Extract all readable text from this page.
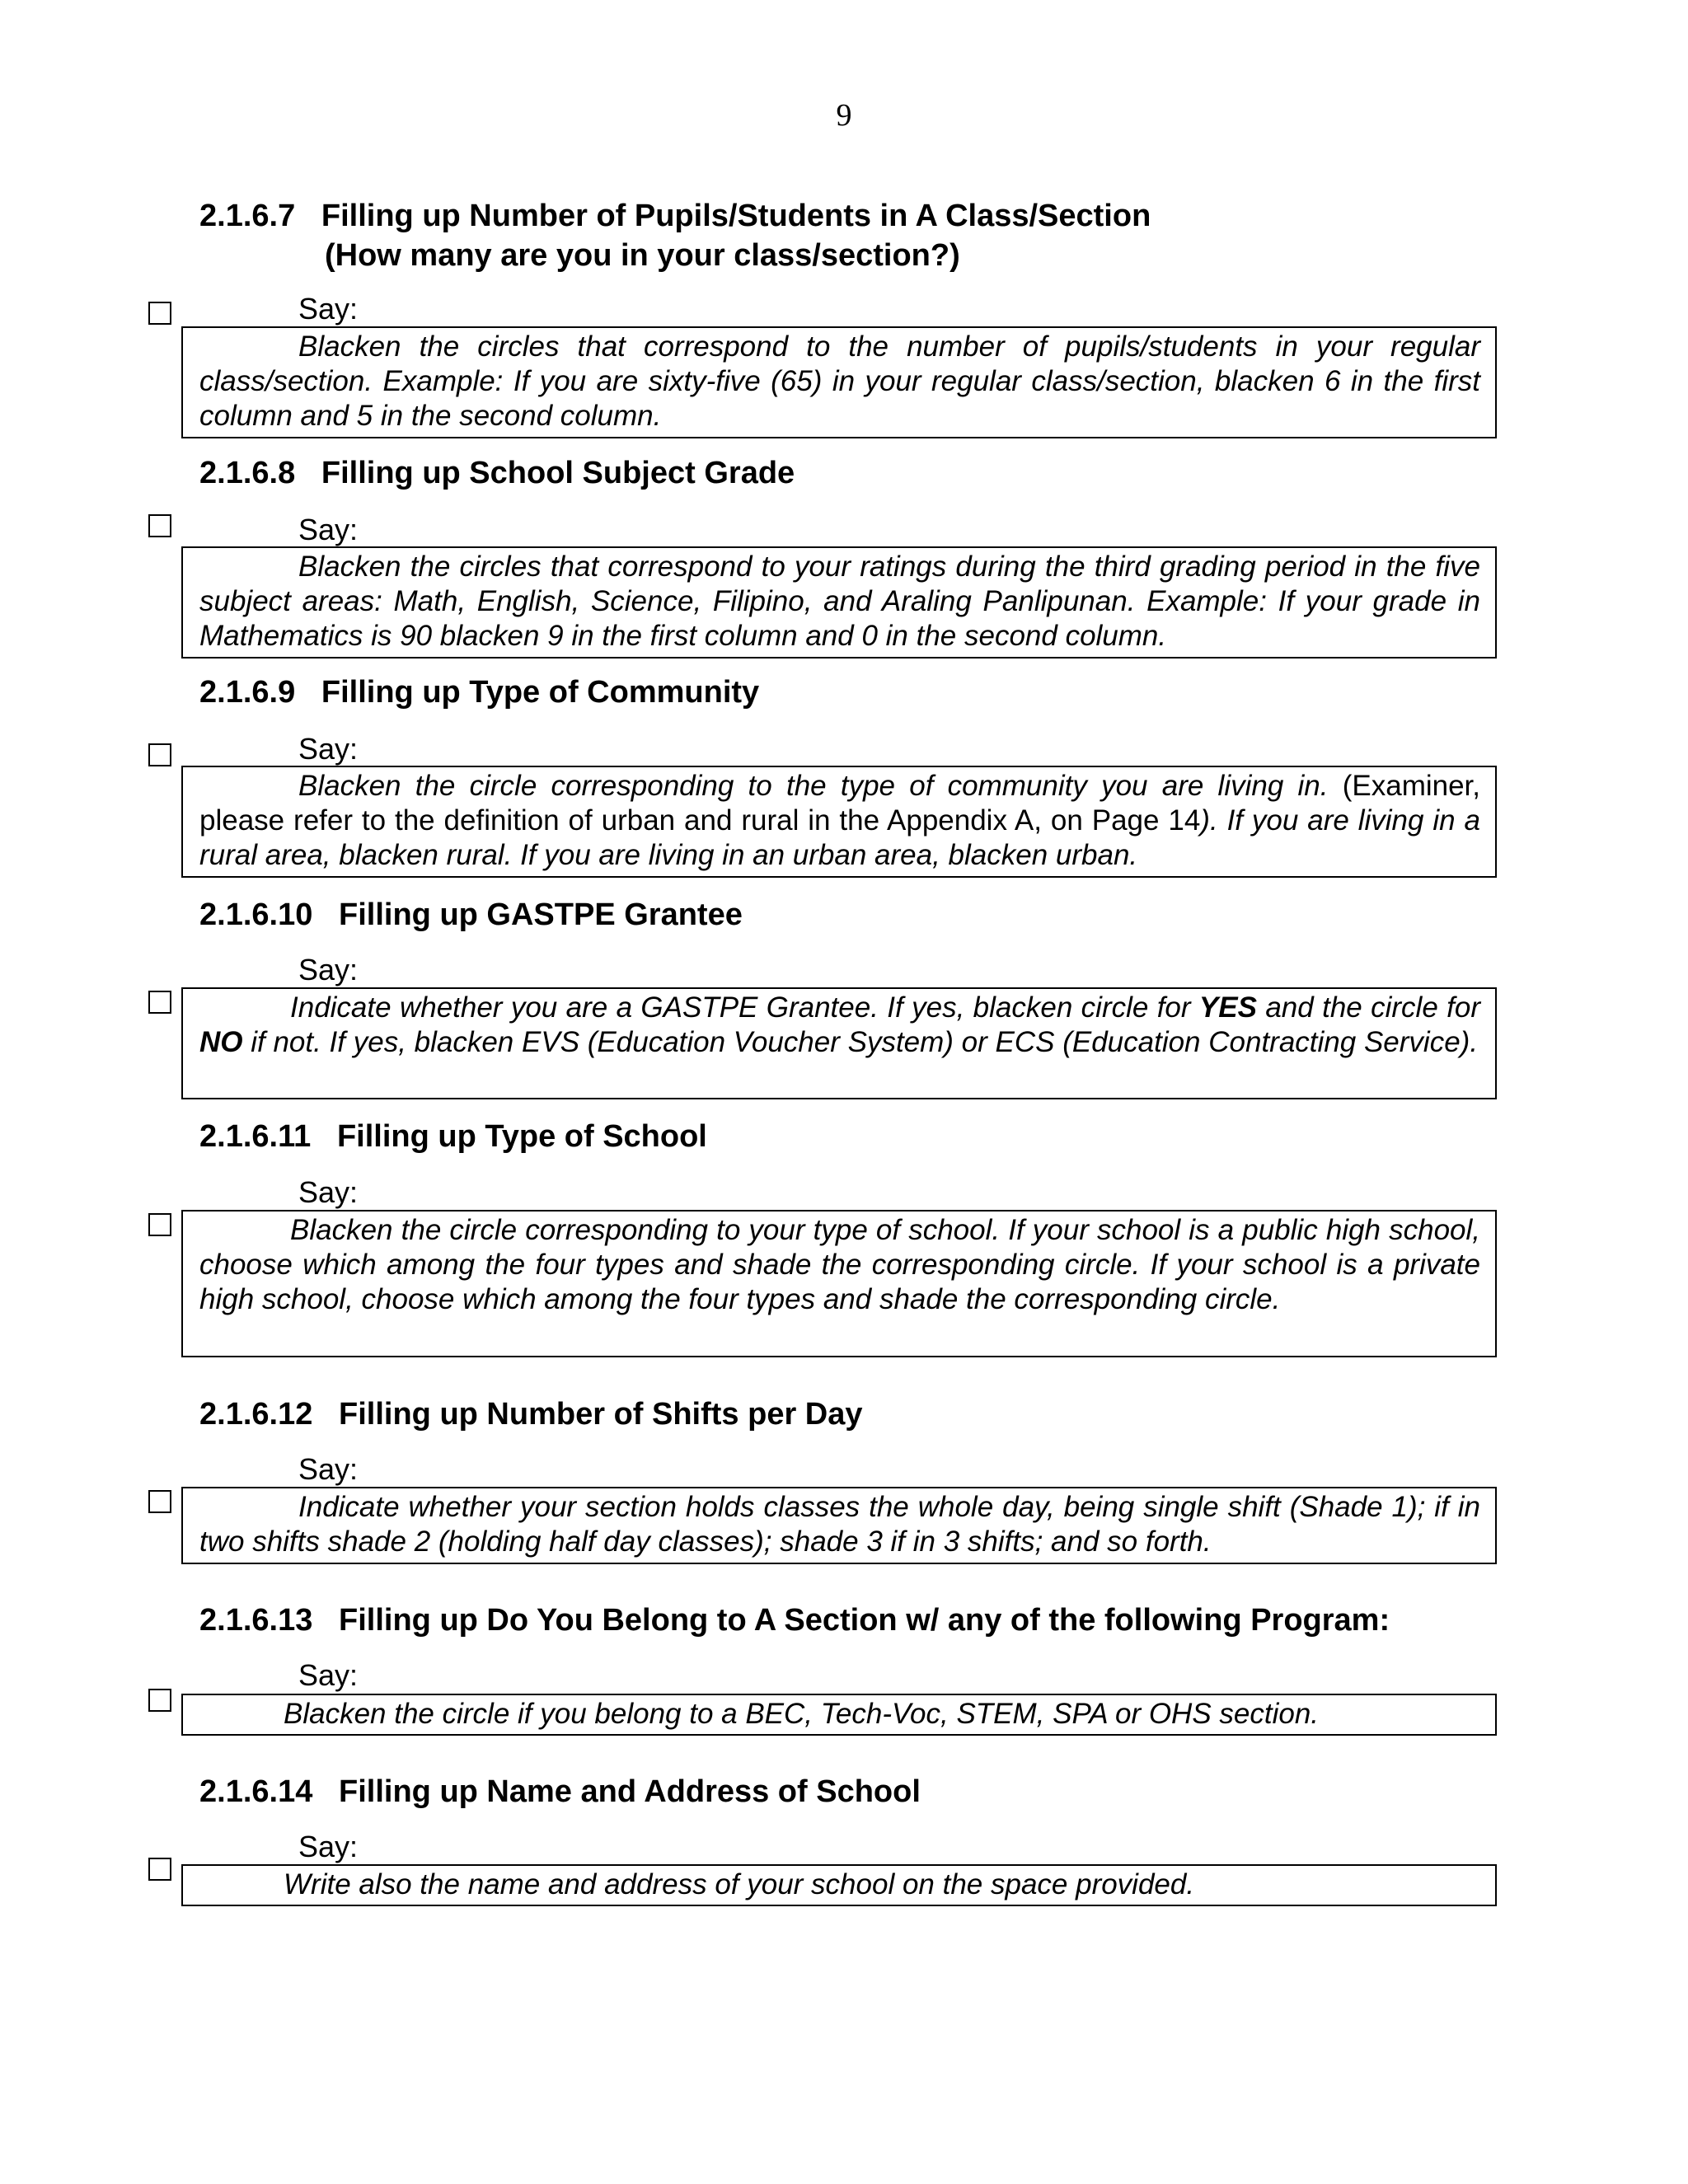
9
2.1.6.7 Filling up Number of Pupils/Students in A Class/Section
(How many are you in your class/section?)
Say:
Blacken the circles that correspond to the number of pupils/students in your regular class/section. Example: If you are sixty-five (65) in your regular class/section, blacken 6 in the first column and 5 in the second column.
2.1.6.8 Filling up School Subject Grade
Say:
Blacken the circles that correspond to your ratings during the third grading period in the five subject areas: Math, English, Science, Filipino, and Araling Panlipunan. Example: If your grade in Mathematics is 90 blacken 9 in the first column and 0 in the second column.
2.1.6.9 Filling up Type of Community
Say:
Blacken the circle corresponding to the type of community you are living in. (Examiner, please refer to the definition of urban and rural in the Appendix A, on Page 14). If you are living in a rural area, blacken rural. If you are living in an urban area, blacken urban.
2.1.6.10 Filling up GASTPE Grantee
Say:
Indicate whether you are a GASTPE Grantee. If yes, blacken circle for YES and the circle for NO if not. If yes, blacken EVS (Education Voucher System) or ECS (Education Contracting Service).
2.1.6.11 Filling up Type of School
Say:
Blacken the circle corresponding to your type of school. If your school is a public high school, choose which among the four types and shade the corresponding circle. If your school is a private high school, choose which among the four types and shade the corresponding circle.
2.1.6.12 Filling up Number of Shifts per Day
Say:
Indicate whether your section holds classes the whole day, being single shift (Shade 1); if in two shifts shade 2 (holding half day classes); shade 3 if in 3 shifts; and so forth.
2.1.6.13 Filling up Do You Belong to A Section w/ any of the following Program:
Say:
Blacken the circle if you belong to a BEC, Tech-Voc, STEM, SPA or OHS section.
2.1.6.14 Filling up Name and Address of School
Say:
Write also the name and address of your school on the space provided.
